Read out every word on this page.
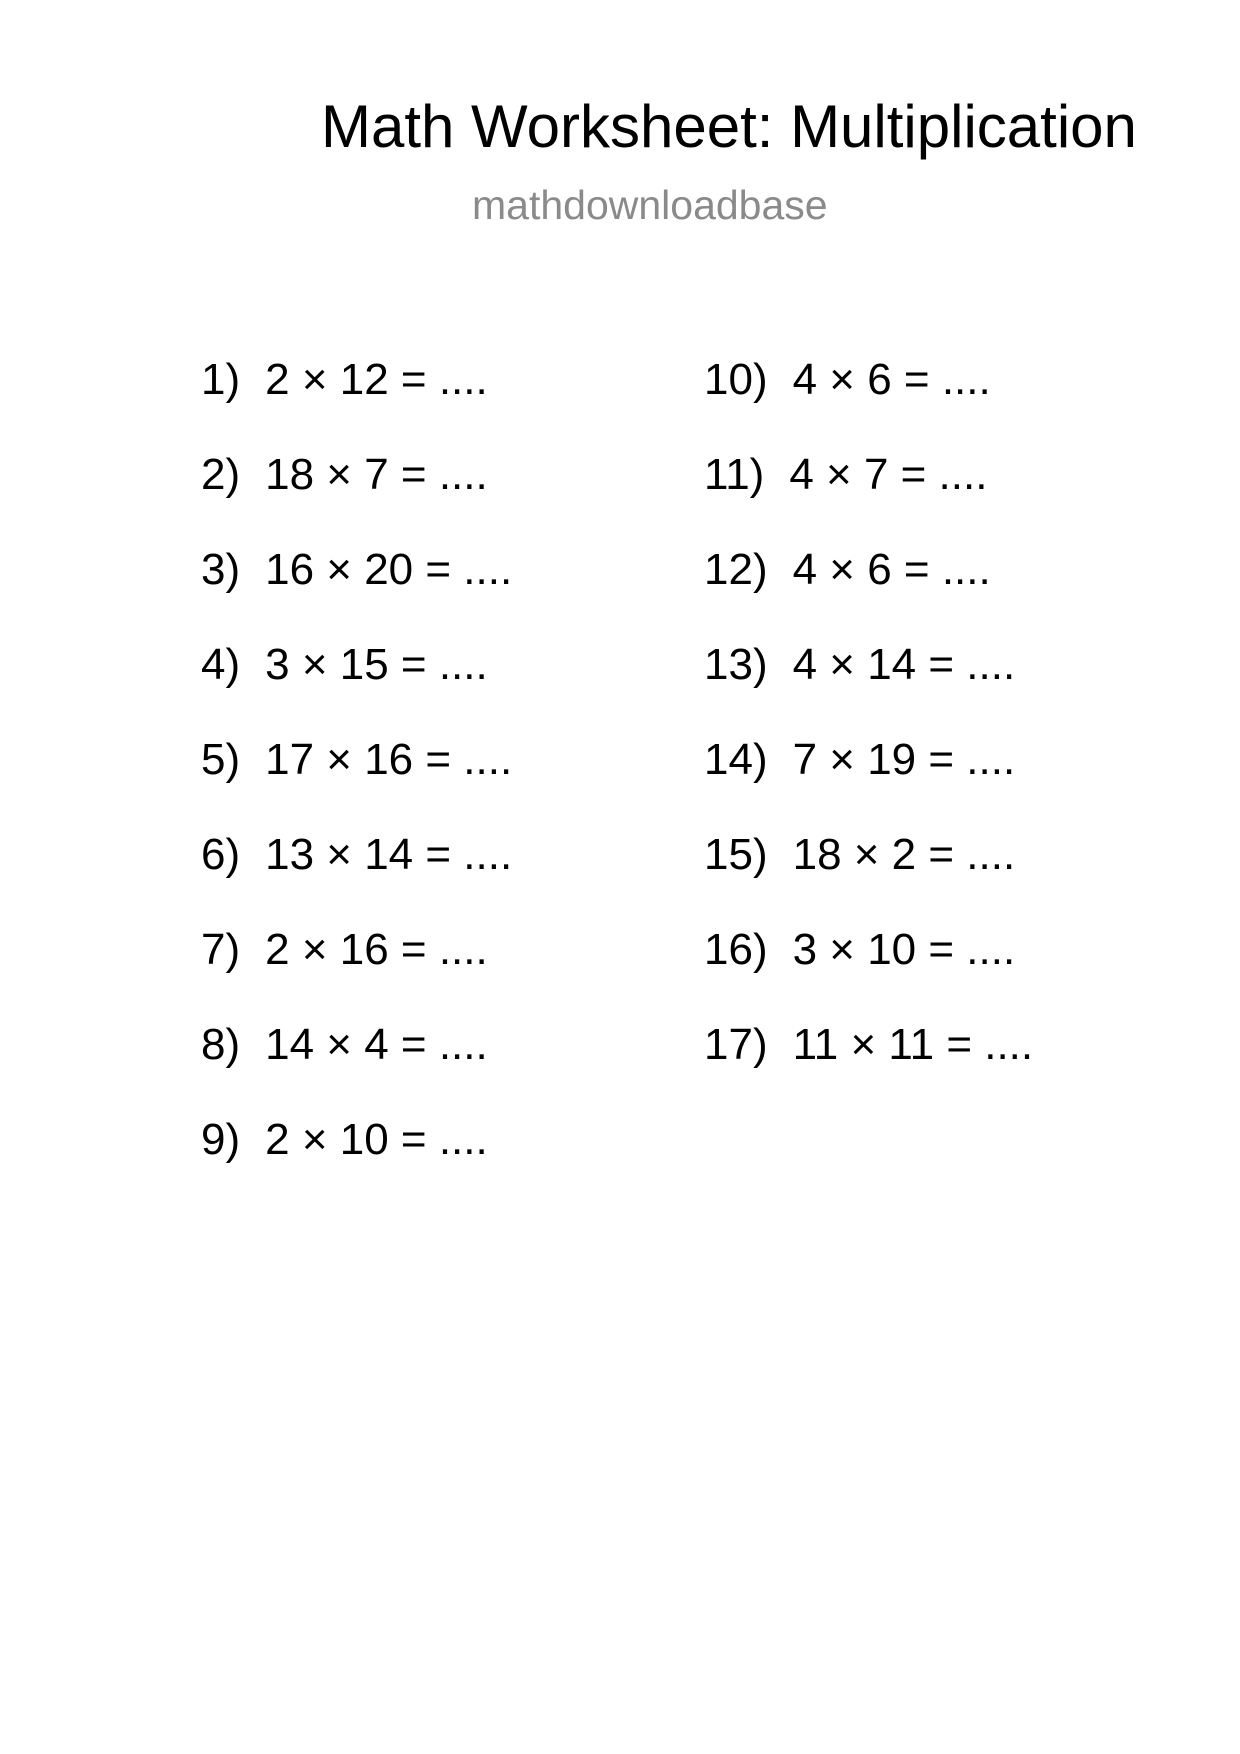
Math Worksheet: Multiplication
mathdownloadbase
1) 2 × 12 = ....
2) 18 × 7 = ....
3) 16 × 20 = ....
4) 3 × 15 = ....
5) 17 × 16 = ....
6) 13 × 14 = ....
7) 2 × 16 = ....
8) 14 × 4 = ....
9) 2 × 10 = ....
10) 4 × 6 = ....
11) 4 × 7 = ....
12) 4 × 6 = ....
13) 4 × 14 = ....
14) 7 × 19 = ....
15) 18 × 2 = ....
16) 3 × 10 = ....
17) 11 × 11 = ....
